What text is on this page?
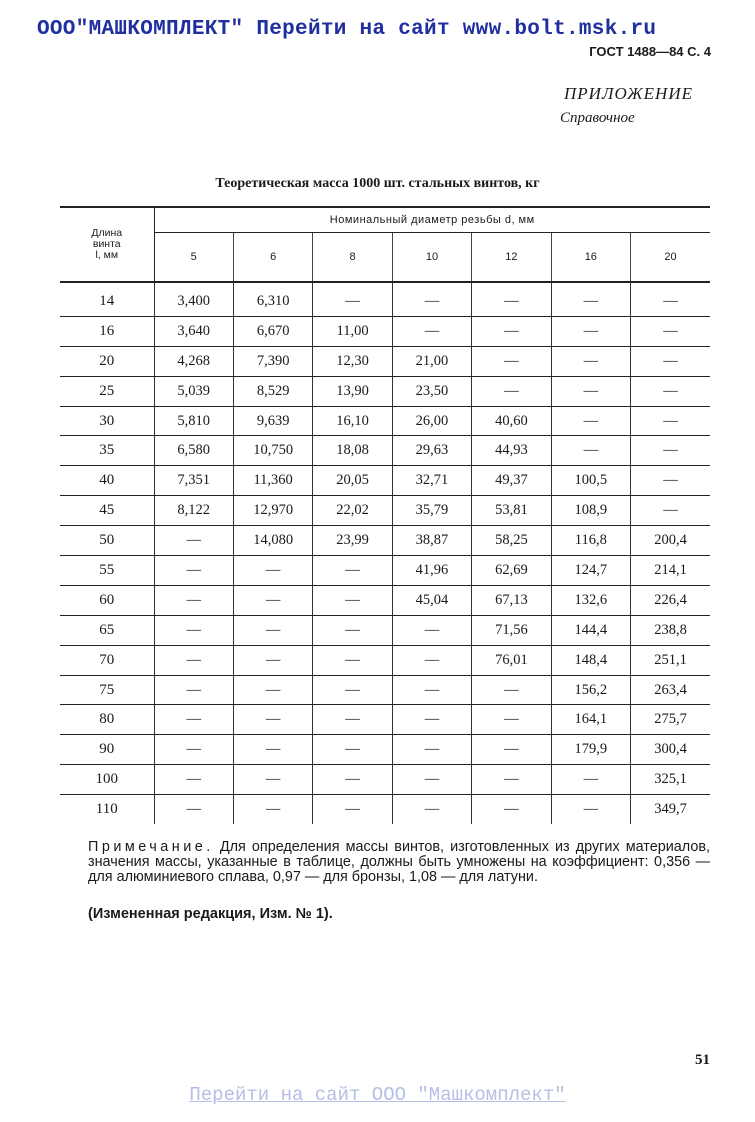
ООО"МАШКОМПЛЕКТ" Перейти на сайт www.bolt.msk.ru
ГОСТ 1488—84 С. 4
ПРИЛОЖЕНИЕ
Справочное
Теоретическая масса 1000 шт. стальных винтов, кг
Длина
винта
l, мм	Номинальный диаметр резьбы d, мм						
	5	6	8	10	12	16	20
14	3,400	6,310	—	—	—	—	—
16	3,640	6,670	11,00	—	—	—	—
20	4,268	7,390	12,30	21,00	—	—	—
25	5,039	8,529	13,90	23,50	—	—	—
30	5,810	9,639	16,10	26,00	40,60	—	—
35	6,580	10,750	18,08	29,63	44,93	—	—
40	7,351	11,360	20,05	32,71	49,37	100,5	—
45	8,122	12,970	22,02	35,79	53,81	108,9	—
50	—	14,080	23,99	38,87	58,25	116,8	200,4
55	—	—	—	41,96	62,69	124,7	214,1
60	—	—	—	45,04	67,13	132,6	226,4
65	—	—	—	—	71,56	144,4	238,8
70	—	—	—	—	76,01	148,4	251,1
75	—	—	—	—	—	156,2	263,4
80	—	—	—	—	—	164,1	275,7
90	—	—	—	—	—	179,9	300,4
100	—	—	—	—	—	—	325,1
110	—	—	—	—	—	—	349,7
Примечание. Для определения массы винтов, изготовленных из других материалов, значения массы, указанные в таблице, должны быть умножены на коэффициент: 0,356 — для алюминиевого сплава, 0,97 — для бронзы, 1,08 — для латуни.
(Измененная редакция, Изм. № 1).
51
Перейти на сайт ООО "Машкомплект"
